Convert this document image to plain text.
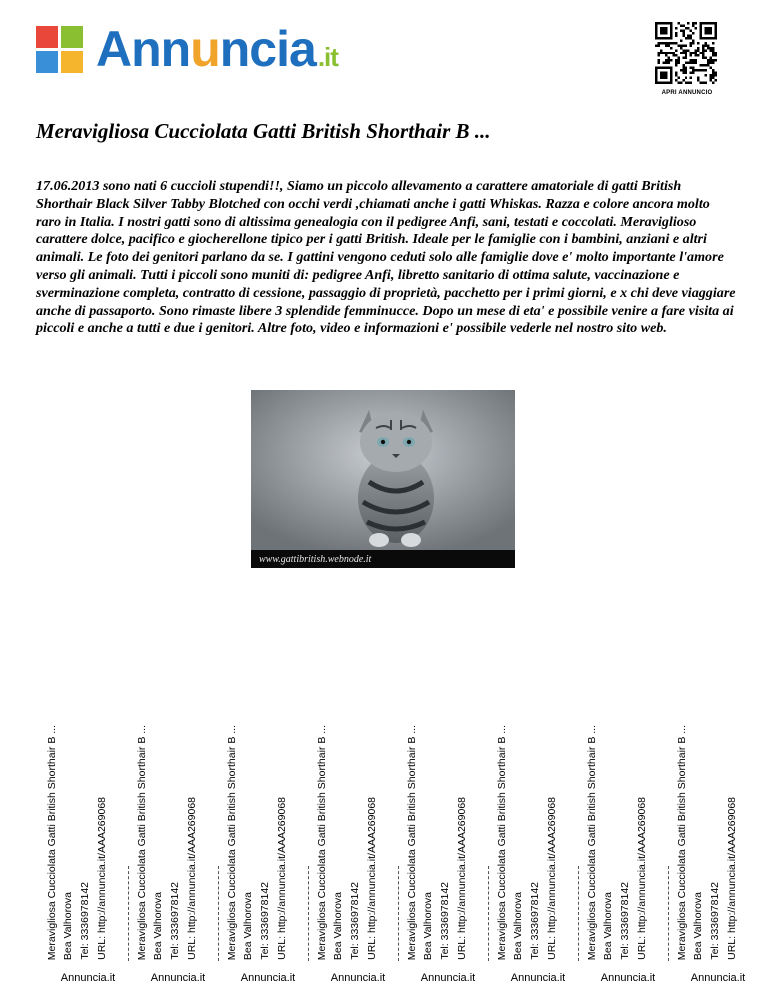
Annuncia.it
APRI ANNUNCIO
Meravigliosa Cucciolata Gatti British Shorthair B ...

17.06.2013 sono nati 6 cuccioli stupendi!!, Siamo un piccolo allevamento a carattere amatoriale di gatti British Shorthair Black Silver Tabby Blotched con occhi verdi ,chiamati anche i gatti Whiskas. Razza e colore ancora molto raro in Italia. I nostri gatti sono di altissima genealogia con il pedigree Anfi, sani, testati e coccolati. Meraviglioso carattere dolce, pacifico e giocherellone tipico per i gatti British. Ideale per le famiglie con i bambini, anziani e altri animali. Le foto dei genitori parlano da se. I gattini vengono ceduti solo alle famiglie dove e' molto importante l'amore verso gli animali. Tutti i piccoli sono muniti di: pedigree Anfi, libretto sanitario di ottima salute, vaccinazione e sverminazione completa, contratto di cessione, passaggio di proprietà, pacchetto per i primi giorni, e x chi deve viaggiare anche di passaporto. Sono rimaste libere 3 splendide femminucce. Dopo un mese di eta' e possibile venire a fare visita ai piccoli e anche a tutti e due i genitori. Altre foto, video e informazioni e' possibile vederle nel nostro sito web.

www.gattibritish.webnode.it
Meravigliosa Cucciolata Gatti British Shorthair B ... Bea Valhorova Tel: 3336978142 URL: http://annuncia.it/AAA269068
Annuncia.it
Meravigliosa Cucciolata Gatti British Shorthair B ... Bea Valhorova Tel: 3336978142 URL: http://annuncia.it/AAA269068
Annuncia.it
Meravigliosa Cucciolata Gatti British Shorthair B ... Bea Valhorova Tel: 3336978142 URL: http://annuncia.it/AAA269068
Annuncia.it
Meravigliosa Cucciolata Gatti British Shorthair B ... Bea Valhorova Tel: 3336978142 URL: http://annuncia.it/AAA269068
Annuncia.it
Meravigliosa Cucciolata Gatti British Shorthair B ... Bea Valhorova Tel: 3336978142 URL: http://annuncia.it/AAA269068
Annuncia.it
Meravigliosa Cucciolata Gatti British Shorthair B ... Bea Valhorova Tel: 3336978142 URL: http://annuncia.it/AAA269068
Annuncia.it
Meravigliosa Cucciolata Gatti British Shorthair B ... Bea Valhorova Tel: 3336978142 URL: http://annuncia.it/AAA269068
Annuncia.it
Meravigliosa Cucciolata Gatti British Shorthair B ... Bea Valhorova Tel: 3336978142 URL: http://annuncia.it/AAA269068
Annuncia.it
